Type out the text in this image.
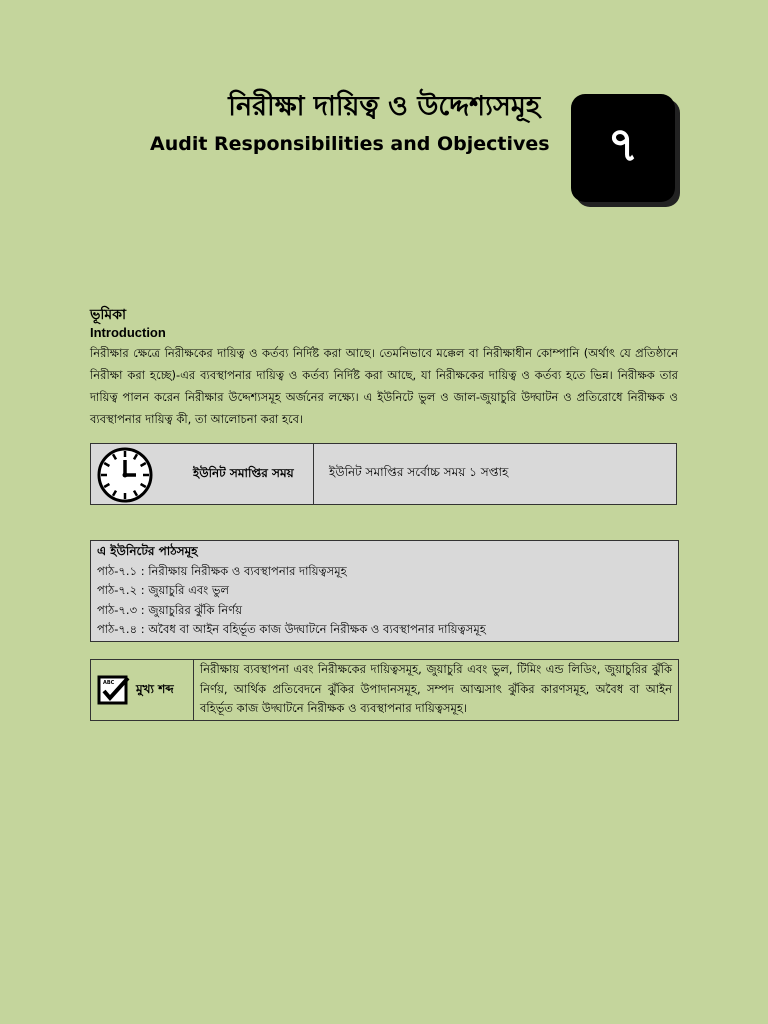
নিরীক্ষা দায়িত্ব ও উদ্দেশ্যসমূহ
Audit Responsibilities and Objectives	৭
ভূমিকা
Introduction
নিরীক্ষার ক্ষেত্রে নিরীক্ষকের দায়িত্ব ও কর্তব্য নির্দিষ্ট করা আছে। তেমনিভাবে মক্কেল বা নিরীক্ষাধীন কোম্পানি (অর্থাৎ যে প্রতিষ্ঠানে নিরীক্ষা করা হচ্ছে)-এর ব্যবস্থাপনার দায়িত্ব ও কর্তব্য নির্দিষ্ট করা আছে, যা নিরীক্ষকের দায়িত্ব ও কর্তব্য হতে ভিন্ন। নিরীক্ষক তার দায়িত্ব পালন করেন নিরীক্ষার উদ্দেশ্যসমূহ অর্জনের লক্ষ্যে। এ ইউনিটে ভুল ও জাল-জুয়াচুরি উদ্ঘাটন ও প্রতিরোধে নিরীক্ষক ও ব্যবস্থাপনার দায়িত্ব কী, তা আলোচনা করা হবে।
ইউনিট সমাপ্তির সময়	ইউনিট সমাপ্তির সর্বোচ্চ সময় ১ সপ্তাহ
এ ইউনিটের পাঠসমূহ
পাঠ-৭.১ : নিরীক্ষায় নিরীক্ষক ও ব্যবস্থাপনার দায়িত্বসমূহ
পাঠ-৭.২ : জুয়াচুরি এবং ভুল
পাঠ-৭.৩ : জুয়াচুরির ঝুঁকি নির্ণয়
পাঠ-৭.৪ : অবৈধ বা আইন বহির্ভূত কাজ উদ্ঘাটনে নিরীক্ষক ও ব্যবস্থাপনার দায়িত্বসমূহ
ABC মুখ্য শব্দ
নিরীক্ষায় ব্যবস্থাপনা এবং নিরীক্ষকের দায়িত্বসমূহ, জুয়াচুরি এবং ভুল, টিমিং এন্ড লিডিং, জুয়াচুরির ঝুঁকি নির্ণয়, আর্থিক প্রতিবেদনে ঝুঁকির উপাদানসমূহ, সম্পদ আত্মসাৎ ঝুঁকির কারণসমূহ, অবৈধ বা আইন বহির্ভূত কাজ উদ্ঘাটনে নিরীক্ষক ও ব্যবস্থাপনার দায়িত্বসমূহ।
